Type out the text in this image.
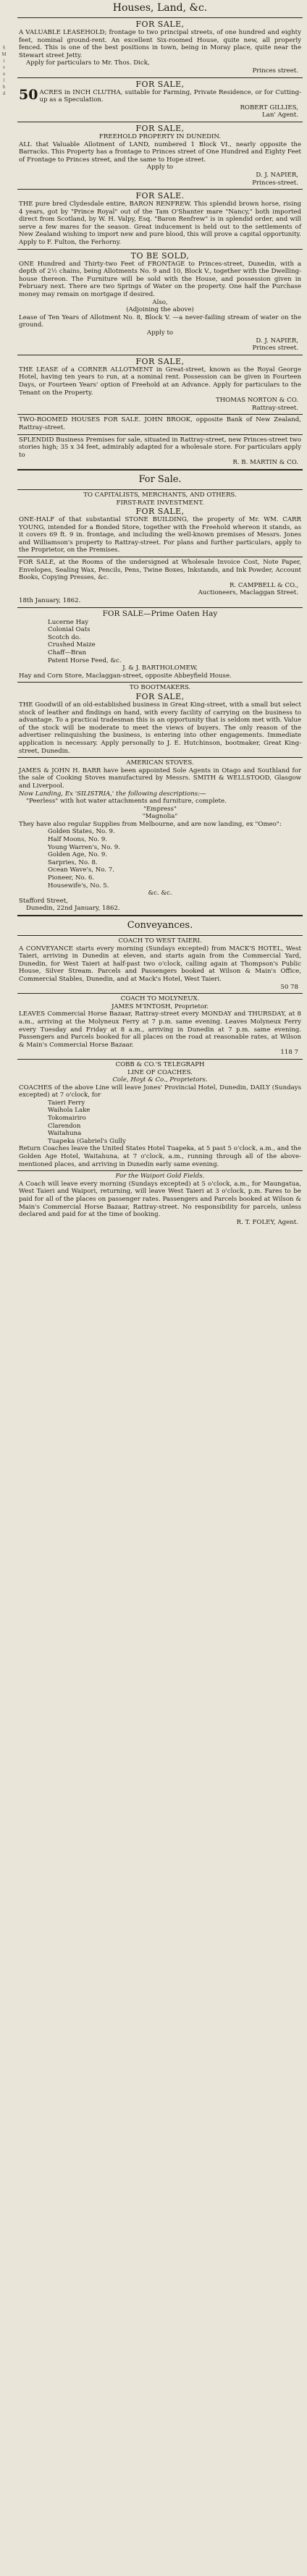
S
M
t
v
o
l
b
d
Houses, Land, &c.
FOR SALE,

A VALUABLE LEASEHOLD; frontage to two principal streets, of one hundred and eighty feet, nominal ground-rent. An excellent Six-roomed House, quite new, all properly fenced. This is one of the best positions in town, being in Moray place, quite near the Stewart street Jetty.

Apply for particulars to Mr. Thos. Dick,

Princes street.
FOR SALE,

50 ACRES in INCH CLUTHA, suitable for Farming, Private Residence, or for Cutting-up as a Speculation.

ROBERT GILLIES,
Lan' Agent.
FOR SALE,
FREEHOLD PROPERTY IN DUNEDIN.

ALL that Valuable Allotment of LAND, numbered 1 Block VI., nearly opposite the Barracks. This Property has a frontage to Princes street of One Hundred and Eighty Feet of Frontage to Princes street, and the same to Hope street.

Apply to
D. J. NAPIER,
Princes-street.
FOR SALE.

THE pure bred Clydesdale entire, BARON RENFREW. This splendid brown horse, rising 4 years, got by "Prince Royal" out of the Tam O'Shanter mare "Nancy," both imported direct from Scotland, by W. H. Valpy, Esq. "Baron Renfrew" is in splendid order, and will serve a few mares for the season. Great inducement is held out to the settlements of New Zealand wishing to import new and pure blood, this will prove a capital opportunity. Apply to F. Fulton, the Ferhorny.

TO BE SOLD,

ONE Hundred and Thirty-two Feet of FRONTAGE to Princes-street, Dunedin, with a depth of 2½ chains, being Allotments No. 9 and 10, Block V., together with the Dwelling-house thereon. The Furniture will be sold with the House, and possession given in February next. There are two Springs of Water on the property. One half the Purchase money may remain on mortgage if desired.

Also,
(Adjoining the above)

Lease of Ten Years of Allotment No. 8, Block V. —a never-failing stream of water on the ground.

Apply to
D. J. NAPIER,
Princes street.
FOR SALE,

THE LEASE of a CORNER ALLOTMENT in Great-street, known as the Royal George Hotel, having ten years to run, at a nominal rent. Possession can be given in Fourteen Days, or Fourteen Years' option of Freehold at an Advance. Apply for particulars to the Tenant on the Property.

THOMAS NORTON & CO.
Rattray-street.

TWO-ROOMED HOUSES FOR SALE. JOHN BROOK, opposite Bank of New Zealand, Rattray-street.

SPLENDID Business Premises for sale, situated in Rattray-street, new Princes-street two stories high; 35 x 34 feet, admirably adapted for a wholesale store. For particulars apply to

R. B. MARTIN & CO.
For Sale.
TO CAPITALISTS, MERCHANTS, AND OTHERS.
FIRST-RATE INVESTMENT.
FOR SALE,

ONE-HALF of that substantial STONE BUILDING, the property of Mr. WM. CARR YOUNG, intended for a Bonded Store, together with the Freehold whereon it stands, as it covers 69 ft. 9 in. frontage, and including the well-known premises of Messrs. Jones and Williamson's property to Rattray-street. For plans and further particulars, apply to the Proprietor, on the Premises.

FOR SALE, at the Rooms of the undersigned at Wholesale Invoice Cost, Note Paper, Envelopes, Sealing Wax, Pencils, Pens, Twine Boxes, Inkstands, and Ink Powder, Account Books, Copying Presses, &c.

R. CAMPBELL & CO.,
Auctioneers, Maclaggan Street.

18th January, 1862.

FOR SALE—Prime Oaten Hay
Lucerne Hay
Colonial Oats
Scotch do.
Crushed Maize
Chaff—Bran
Patent Horse Feed, &c.
J. & J. BARTHOLOMEW,

Hay and Corn Store, Maclaggan-street, opposite Abbeyfield House.

TO BOOTMAKERS.
FOR SALE,

THE Goodwill of an old-established business in Great King-street, with a small but select stock of leather and findings on hand, with every facility of carrying on the business to advantage. To a practical tradesman this is an opportunity that is seldom met with. Value of the stock will be moderate to meet the views of buyers. The only reason of the advertiser relinquishing the business, is entering into other engagements. Immediate application is necessary. Apply personally to J. E. Hutchinson, bootmaker, Great King-street, Dunedin.

AMERICAN STOVES.

JAMES & JOHN H. BARR have been appointed Sole Agents in Otago and Southland for the sale of Cooking Stoves manufactured by Messrs. SMITH & WELLSTOOD, Glasgow and Liverpool.

Now Landing, Ex 'SILISTRIA,' the following descriptions:—

"Peerless" with hot water attachments and furniture, complete.

"Empress"
"Magnolia"

They have also regular Supplies from Melbourne, and are now landing, ex "Omeo":

Golden States, No. 9.
Half Moons, No. 9.
Young Warren's, No. 9.
Golden Age, No. 9.
Sarpries, No. 8.
Ocean Wave's, No. 7.
Pioneer, No. 6.
Housewife's, No. 5.
&c. &c.

Stafford Street,

Dunedin, 22nd January, 1862.

Conveyances.
COACH TO WEST TAIERI.

A CONVEYANCE starts every morning (Sundays excepted) from MACK'S HOTEL, West Taieri, arriving in Dunedin at eleven, and starts again from the Commercial Yard, Dunedin, for West Taieri at half-past two o'clock, calling again at Thompson's Public House, Silver Stream. Parcels and Passengers booked at Wilson & Main's Office, Commercial Stables, Dunedin, and at Mack's Hotel, West Taieri.

50 78
COACH TO MOLYNEUX.
JAMES M'INTOSH, Proprietor.

LEAVES Commercial Horse Bazaar, Rattray-street every MONDAY and THURSDAY, at 8 a.m., arriving at the Molyneux Ferry at 7 p.m. same evening. Leaves Molyneux Ferry every Tuesday and Friday at 8 a.m., arriving in Dunedin at 7 p.m. same evening. Passengers and Parcels booked for all places on the road at reasonable rates, at Wilson & Main's Commercial Horse Bazaar.

118 7
COBB & CO.'S TELEGRAPH
LINE OF COACHES.
Cole, Hoyt & Co., Proprietors.

COACHES of the above Line will leave Jones' Provincial Hotel, Dunedin, DAILY (Sundays excepted) at 7 o'clock, for

Taieri Ferry
Waihola Lake
Tokomairiro
Clarendon
Waitahuna
Tuapeka (Gabriel's Gully

Return Coaches leave the United States Hotel Tuapeka, at 5 past 5 o'clock, a.m., and the Golden Age Hotel, Waitahuna, at 7 o'clock, a.m., running through all of the above-mentioned places, and arriving in Dunedin early same evening.

For the Waipori Gold Fields.

A Coach will leave every morning (Sundays excepted) at 5 o'clock, a.m., for Maungatua, West Taieri and Waipori, returning, will leave West Taieri at 3 o'clock, p.m. Fares to be paid for all of the places on passenger rates. Passengers and Parcels booked at Wilson & Main's Commercial Horse Bazaar, Rattray-street. No responsibility for parcels, unless declared and paid for at the time of booking.

R. T. FOLEY, Agent.
